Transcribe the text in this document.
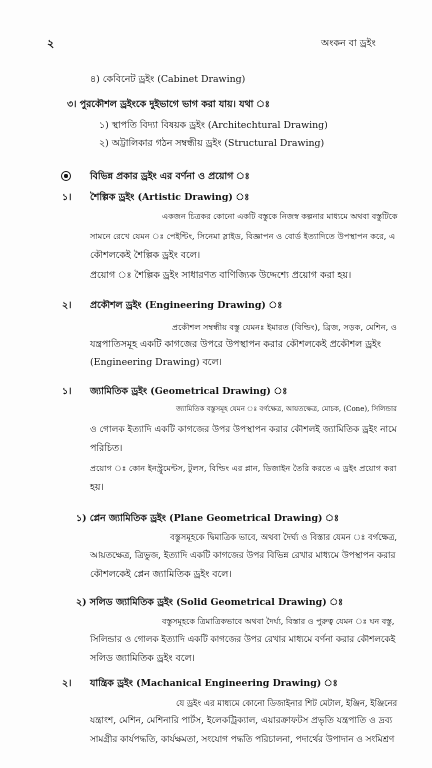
২	অংকন বা ড্রইং
৪) কেবিনেট ড্রইং (Cabinet Drawing)
৩। পুরকৌশল ড্রইংকে দুইভাগে ভাগ করা যায়। যথা ঃ
১) স্থাপতি বিদ্যা বিষয়ক ড্রইং (Architechtural Drawing)
২) অট্টালিকার গঠন সম্বন্ধীয় ড্রইং (Structural Drawing)
বিভিন্ন প্রকার ড্রইং এর বর্ণনা ও প্রয়োগ ঃ
১। শৈল্পিক ড্রইং (Artistic Drawing) ঃ
একজন চিত্রকর কোনো একটি বস্তুকে নিজস্ব কল্পনার মাধ্যমে অথবা বস্তুটিকে
সামনে রেখে যেমন ঃ পেইন্টিং, সিনেমা স্লাইড, বিজ্ঞাপন ও বোর্ড ইত্যাদিতে উপস্থাপন করে, এ
কৌশলকেই শৈল্পিক ড্রইং বলে।
প্রয়োগ ঃ শৈল্পিক ড্রইং সাধারণত বাণিজ্যিক উদ্দেশ্যে প্রয়োগ করা হয়।
২। প্রকৌশল ড্রইং (Engineering Drawing) ঃ
প্রকৌশল সম্বন্ধীয় বস্তু যেমনঃ ইমারত (বিল্ডিং), ব্রিজ, সড়ক, মেশিন, ও
যন্ত্রপাতিসমূহ একটি কাগজের উপরে উপস্থাপন করার কৌশলকেই প্রকৌশল ড্রইং
(Engineering Drawing) বলে।
১। জ্যামিতিক ড্রইং (Geometrical Drawing) ঃ
জ্যামিতিক বস্তুসমূহ যেমন ঃ বর্গক্ষেত্র, আয়তক্ষেত্র, মোচক, (Cone), সিলিন্ডার
ও গোলক ইত্যাদি একটি কাগজের উপর উপস্থাপন করার কৌশলই জ্যামিতিক ড্রইং নামে
পরিচিত।
প্রয়োগ ঃ কোন ইনস্ট্রুমেন্টস, টুলস, বিল্ডিং এর প্লান, ডিজাইন তৈরি করতে এ ড্রইং প্রয়োগ করা
হয়।
১) প্লেন জ্যামিতিক ড্রইং (Plane Geometrical Drawing) ঃ
বস্তুসমূহকে দ্বিমাত্রিক ভাবে, অথবা দৈর্ঘ্য ও বিস্তার যেমন ঃ বর্গক্ষেত্র,
আয়তক্ষেত্র, ত্রিভুজ, ইত্যাদি একটি কাগজের উপর বিভিন্ন রেখার মাধ্যমে উপস্থাপন করার
কৌশলকেই প্লেন জ্যামিতিক ড্রইং বলে।
২) সলিড জ্যামিতিক ড্রইং (Solid Geometrical Drawing) ঃ
বস্তুসমূহকে ত্রিমাত্রিকভাবে অথবা দৈর্ঘ্য, বিস্তার ও পুরুত্ব যেমন ঃ ঘন বস্তু,
সিলিন্ডার ও গোলক ইত্যাদি একটি কাগজের উপর রেখার মাধ্যমে বর্ণনা করার কৌশলকেই
সলিড জ্যামিতিক ড্রইং বলে।
২। যান্ত্রিক ড্রইং (Machanical Engineering Drawing) ঃ
যে ড্রইং এর মাধ্যমে কোনো ডিজাইনার শিট মেটাল, ইঞ্জিন, ইঞ্জিনের
যন্ত্রাংশ, মেশিন, মেশিনারি পার্টস, ইলেকট্রিক্যাল, এয়ারক্রাফটস প্রভৃতি যন্ত্রপাতি ও দ্রব্য
সামগ্রীর কার্যপদ্ধতি, কার্যক্ষমতা, সংযোগ পদ্ধতি পরিচালনা, পদার্থের উপাদান ও সংমিশ্রণ
